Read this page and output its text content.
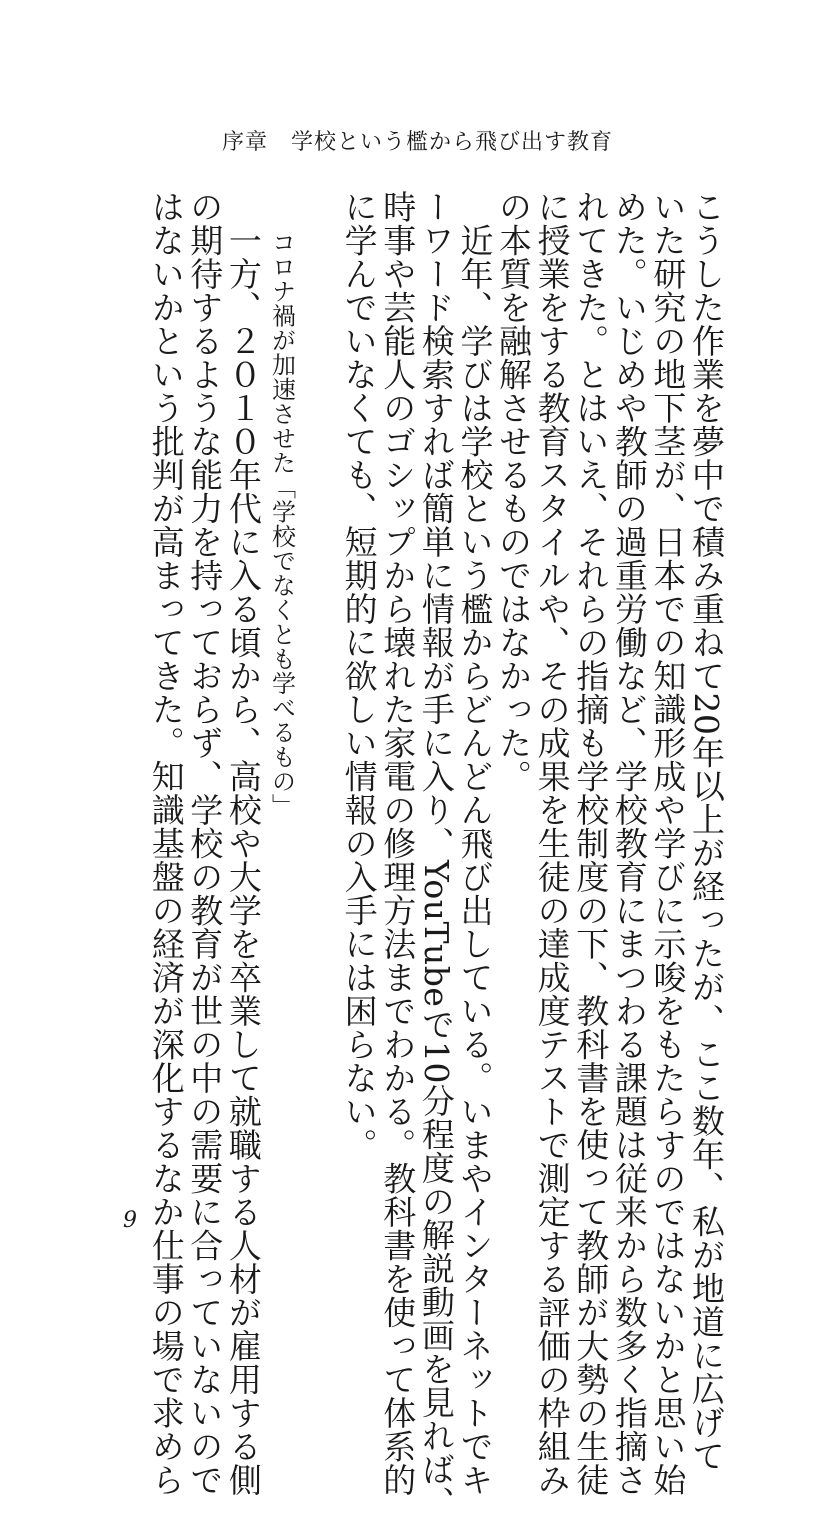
序章　学校という檻から飛び出す教育

こうした作業を夢中で積み重ねて20年以上が経ったが、ここ数年、私が地道に広げて

いた研究の地下茎が、日本での知識形成や学びに示唆をもたらすのではないかと思い始

めた。いじめや教師の過重労働など、学校教育にまつわる課題は従来から数多く指摘さ

れてきた。とはいえ、それらの指摘も学校制度の下、教科書を使って教師が大勢の生徒

に授業をする教育スタイルや、その成果を生徒の達成度テストで測定する評価の枠組み

の本質を融解させるものではなかった。

　近年、学びは学校という檻からどんどん飛び出している。いまやインターネットでキ

ーワード検索すれば簡単に情報が手に入り、YouTubeで10分程度の解説動画を見れば、

時事や芸能人のゴシップから壊れた家電の修理方法までわかる。教科書を使って体系的

に学んでいなくても、短期的に欲しい情報の入手には困らない。

コロナ禍が加速させた「学校でなくとも学べるもの」

　一方、２０１０年代に入る頃から、高校や大学を卒業して就職する人材が雇用する側

の期待するような能力を持っておらず、学校の教育が世の中の需要に合っていないので

はないかという批判が高まってきた。知識基盤の経済が深化するなか仕事の場で求めら

9
